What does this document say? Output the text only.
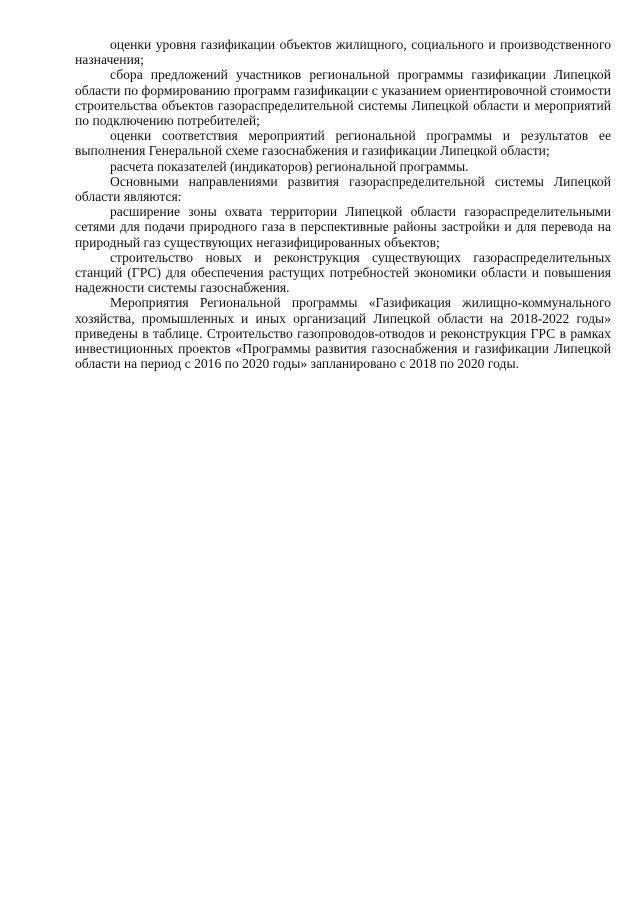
оценки уровня газификации объектов жилищного, социального и производственного назначения;

сбора предложений участников региональной программы газификации Липецкой области по формированию программ газификации с указанием ориентировочной стоимости строительства объектов газораспределительной системы Липецкой области и мероприятий по подключению потребителей;

оценки соответствия мероприятий региональной программы и результатов ее выполнения Генеральной схеме газоснабжения и газификации Липецкой области;

расчета показателей (индикаторов) региональной программы.

Основными направлениями развития газораспределительной системы Липецкой области являются:

расширение зоны охвата территории Липецкой области газораспределительными сетями для подачи природного газа в перспективные районы застройки и для перевода на природный газ существующих негазифицированных объектов;

строительство новых и реконструкция существующих газораспределительных станций (ГРС) для обеспечения растущих потребностей экономики области и повышения надежности системы газоснабжения.

Мероприятия Региональной программы «Газификация жилищно-коммунального хозяйства, промышленных и иных организаций Липецкой области на 2018-2022 годы» приведены в таблице. Строительство газопроводов-отводов и реконструкция ГРС в рамках инвестиционных проектов «Программы развития газоснабжения и газификации Липецкой области на период с 2016 по 2020 годы» запланировано с 2018 по 2020 годы.
